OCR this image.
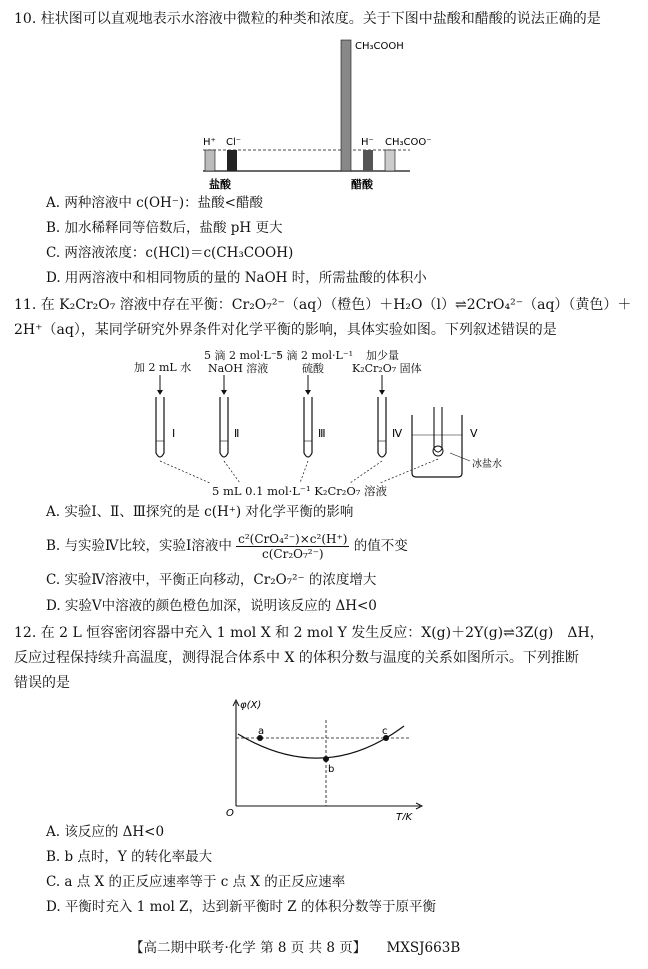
10. 柱状图可以直观地表示水溶液中微粒的种类和浓度。关于下图中盐酸和醋酸的说法正确的是
H⁺ Cl⁻
CH₃COOH
H⁻ CH₃COO⁻
盐酸	醋酸
A. 两种溶液中 c(OH⁻)：盐酸<醋酸
B. 加水稀释同等倍数后，盐酸 pH 更大
C. 两溶液浓度：c(HCl)＝c(CH₃COOH)
D. 用两溶液中和相同物质的量的 NaOH 时，所需盐酸的体积小
11. 在 K₂Cr₂O₇ 溶液中存在平衡：Cr₂O₇²⁻（aq）（橙色）＋H₂O（l）⇌2CrO₄²⁻（aq）（黄色）＋
2H⁺（aq），某同学研究外界条件对化学平衡的影响，具体实验如图。下列叙述错误的是
加 2 mL 水
5 滴 2 mol·L⁻¹
NaOH 溶液
5 滴 2 mol·L⁻¹
硫酸
加少量
K₂Cr₂O₇ 固体
Ⅰ	Ⅱ	Ⅲ	Ⅳ	Ⅴ
冰盐水
5 mL 0.1 mol·L⁻¹ K₂Cr₂O₇ 溶液
A. 实验Ⅰ、Ⅱ、Ⅲ探究的是 c(H⁺) 对化学平衡的影响
B. 与实验Ⅳ比较，实验Ⅰ溶液中 $\frac{\text{c²(CrO₄²⁻)×c²(H⁺)}}{\text{c(Cr₂O₇²⁻)}}$ 的值不变
C. 实验Ⅳ溶液中，平衡正向移动，Cr₂O₇²⁻ 的浓度增大
D. 实验Ⅴ中溶液的颜色橙色加深，说明该反应的 ΔH<0
12. 在 2 L 恒容密闭容器中充入 1 mol X 和 2 mol Y 发生反应：X(g)＋2Y(g)⇌3Z(g)　ΔH，
反应过程保持续升高温度，测得混合体系中 X 的体积分数与温度的关系如图所示。下列推断
错误的是
φ(X)
T/K
O
a
b
c
A. 该反应的 ΔH<0
B. b 点时，Y 的转化率最大
C. a 点 X 的正反应速率等于 c 点 X 的正反应速率
D. 平衡时充入 1 mol Z，达到新平衡时 Z 的体积分数等于原平衡
【高二期中联考·化学 第 8 页 共 8 页】　　MXSJ663B
